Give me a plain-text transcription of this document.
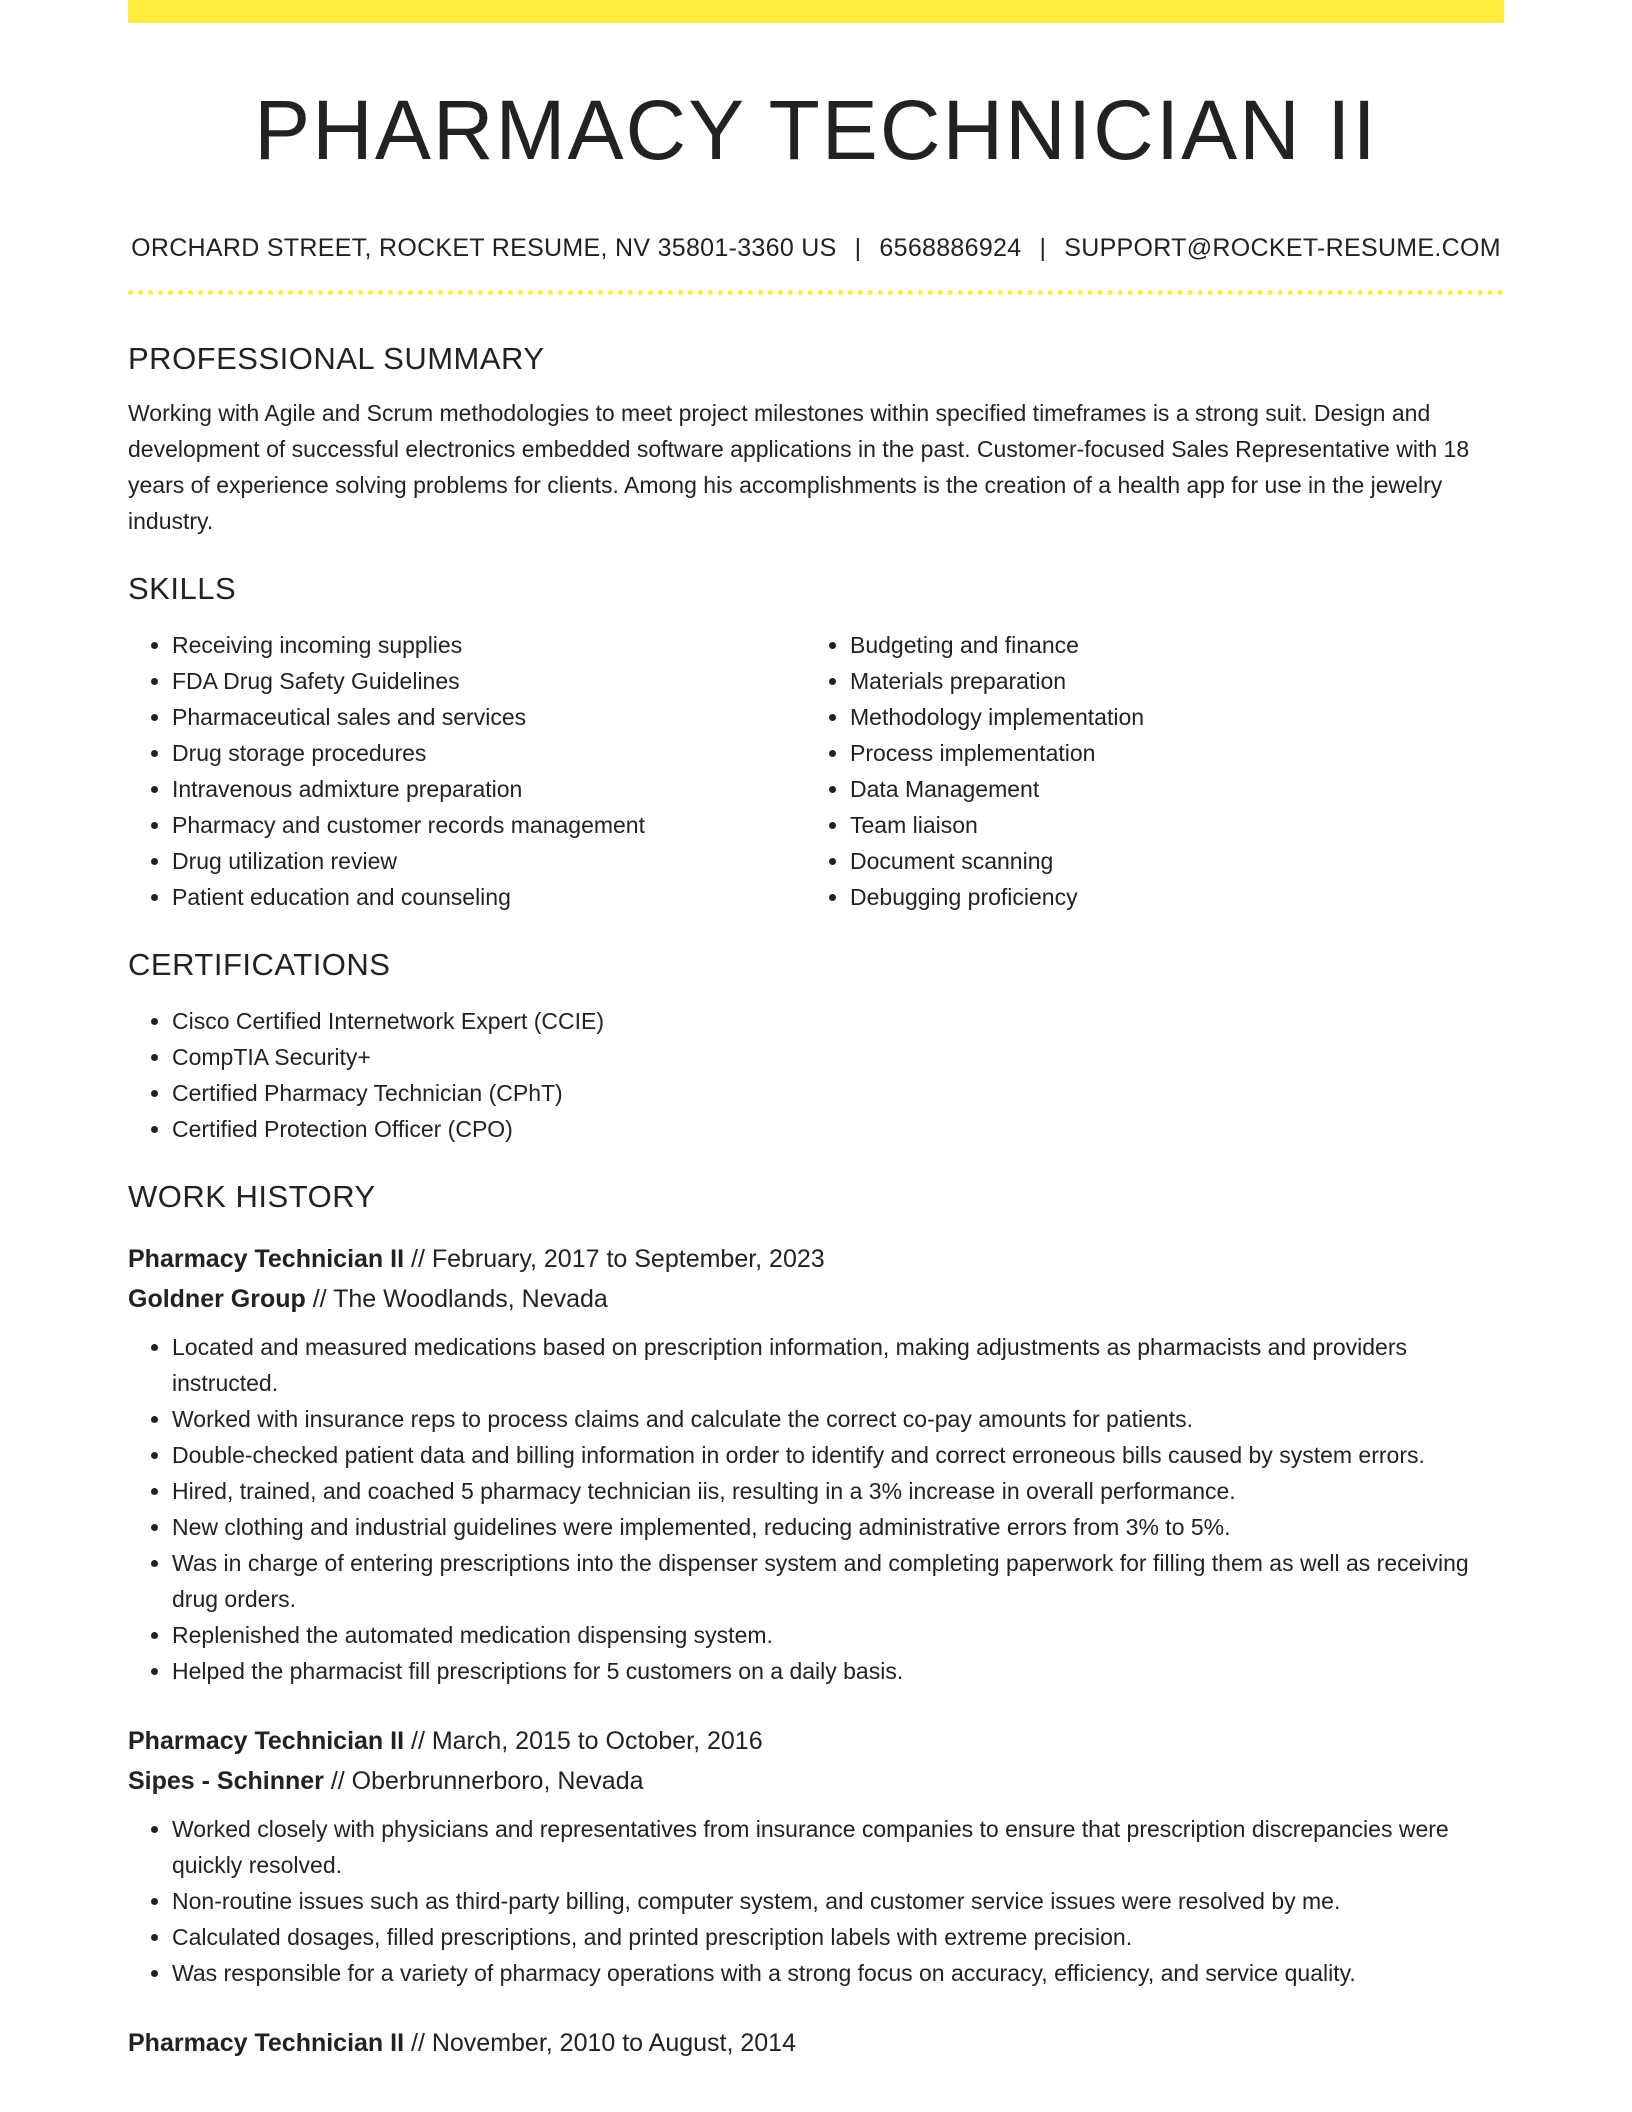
PHARMACY TECHNICIAN II
ORCHARD STREET, ROCKET RESUME, NV 35801-3360 US | 6568886924 | SUPPORT@ROCKET-RESUME.COM
PROFESSIONAL SUMMARY
Working with Agile and Scrum methodologies to meet project milestones within specified timeframes is a strong suit. Design and development of successful electronics embedded software applications in the past. Customer-focused Sales Representative with 18 years of experience solving problems for clients. Among his accomplishments is the creation of a health app for use in the jewelry industry.
SKILLS
• Receiving incoming supplies
• FDA Drug Safety Guidelines
• Pharmaceutical sales and services
• Drug storage procedures
• Intravenous admixture preparation
• Pharmacy and customer records management
• Drug utilization review
• Patient education and counseling
• Budgeting and finance
• Materials preparation
• Methodology implementation
• Process implementation
• Data Management
• Team liaison
• Document scanning
• Debugging proficiency
CERTIFICATIONS
• Cisco Certified Internetwork Expert (CCIE)
• CompTIA Security+
• Certified Pharmacy Technician (CPhT)
• Certified Protection Officer (CPO)
WORK HISTORY
Pharmacy Technician II // February, 2017 to September, 2023
Goldner Group // The Woodlands, Nevada
• Located and measured medications based on prescription information, making adjustments as pharmacists and providers instructed.
• Worked with insurance reps to process claims and calculate the correct co-pay amounts for patients.
• Double-checked patient data and billing information in order to identify and correct erroneous bills caused by system errors.
• Hired, trained, and coached 5 pharmacy technician iis, resulting in a 3% increase in overall performance.
• New clothing and industrial guidelines were implemented, reducing administrative errors from 3% to 5%.
• Was in charge of entering prescriptions into the dispenser system and completing paperwork for filling them as well as receiving drug orders.
• Replenished the automated medication dispensing system.
• Helped the pharmacist fill prescriptions for 5 customers on a daily basis.
Pharmacy Technician II // March, 2015 to October, 2016
Sipes - Schinner // Oberbrunnerboro, Nevada
• Worked closely with physicians and representatives from insurance companies to ensure that prescription discrepancies were quickly resolved.
• Non-routine issues such as third-party billing, computer system, and customer service issues were resolved by me.
• Calculated dosages, filled prescriptions, and printed prescription labels with extreme precision.
• Was responsible for a variety of pharmacy operations with a strong focus on accuracy, efficiency, and service quality.
Pharmacy Technician II // November, 2010 to August, 2014
